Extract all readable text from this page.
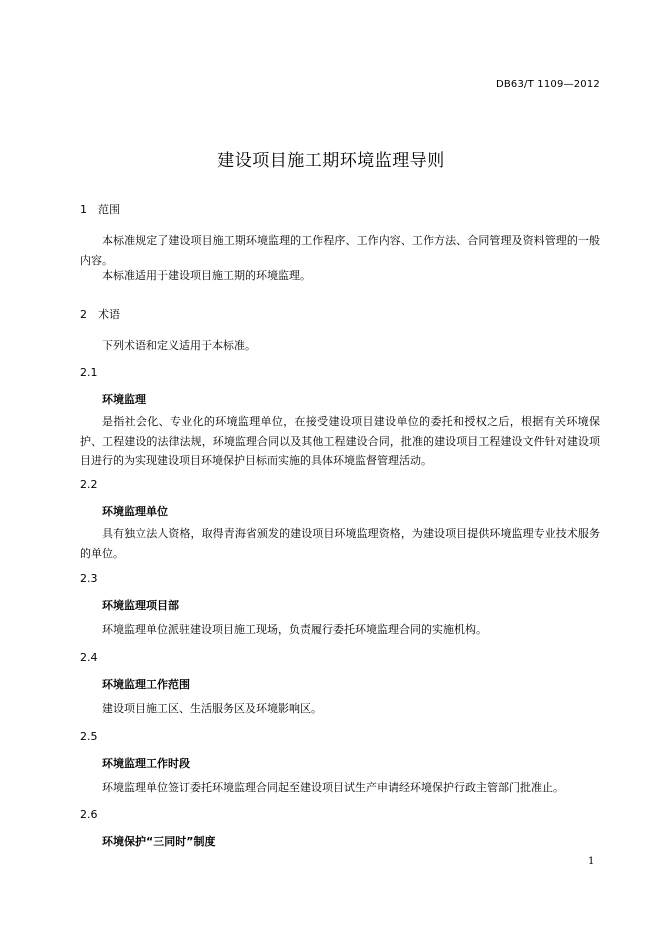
DB63/T 1109—2012
建设项目施工期环境监理导则
1 范围
本标准规定了建设项目施工期环境监理的工作程序、工作内容、工作方法、合同管理及资料管理的一般内容。
本标准适用于建设项目施工期的环境监理。
2 术语
下列术语和定义适用于本标准。
2.1
环境监理
是指社会化、专业化的环境监理单位，在接受建设项目建设单位的委托和授权之后，根据有关环境保护、工程建设的法律法规，环境监理合同以及其他工程建设合同，批准的建设项目工程建设文件针对建设项目进行的为实现建设项目环境保护目标而实施的具体环境监督管理活动。
2.2
环境监理单位
具有独立法人资格，取得青海省颁发的建设项目环境监理资格，为建设项目提供环境监理专业技术服务的单位。
2.3
环境监理项目部
环境监理单位派驻建设项目施工现场，负责履行委托环境监理合同的实施机构。
2.4
环境监理工作范围
建设项目施工区、生活服务区及环境影响区。
2.5
环境监理工作时段
环境监理单位签订委托环境监理合同起至建设项目试生产申请经环境保护行政主管部门批准止。
2.6
环境保护“三同时”制度
1
